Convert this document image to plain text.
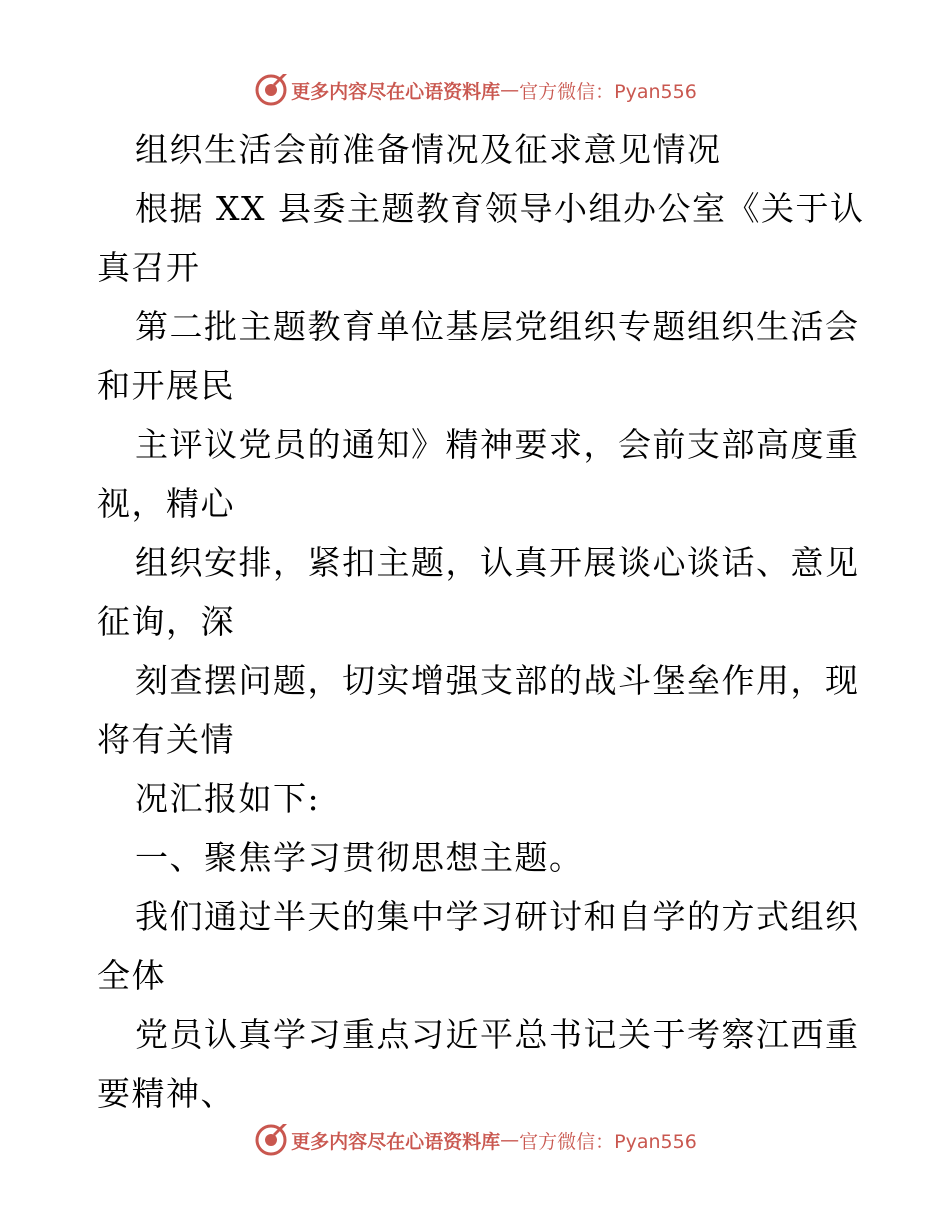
更多内容尽在心语资料库 — 官方微信：Pyan556
组织生活会前准备情况及征求意见情况
根据 XX 县委主题教育领导小组办公室《关于认
真召开
第二批主题教育单位基层党组织专题组织生活会
和开展民
主评议党员的通知》精神要求，会前支部高度重
视，精心
组织安排，紧扣主题，认真开展谈心谈话、意见
征询，深
刻查摆问题，切实增强支部的战斗堡垒作用，现
将有关情
况汇报如下:
一、聚焦学习贯彻思想主题。
我们通过半天的集中学习研讨和自学的方式组织
全体
党员认真学习重点习近平总书记关于考察江西重
要精神、
更多内容尽在心语资料库 — 官方微信：Pyan556
